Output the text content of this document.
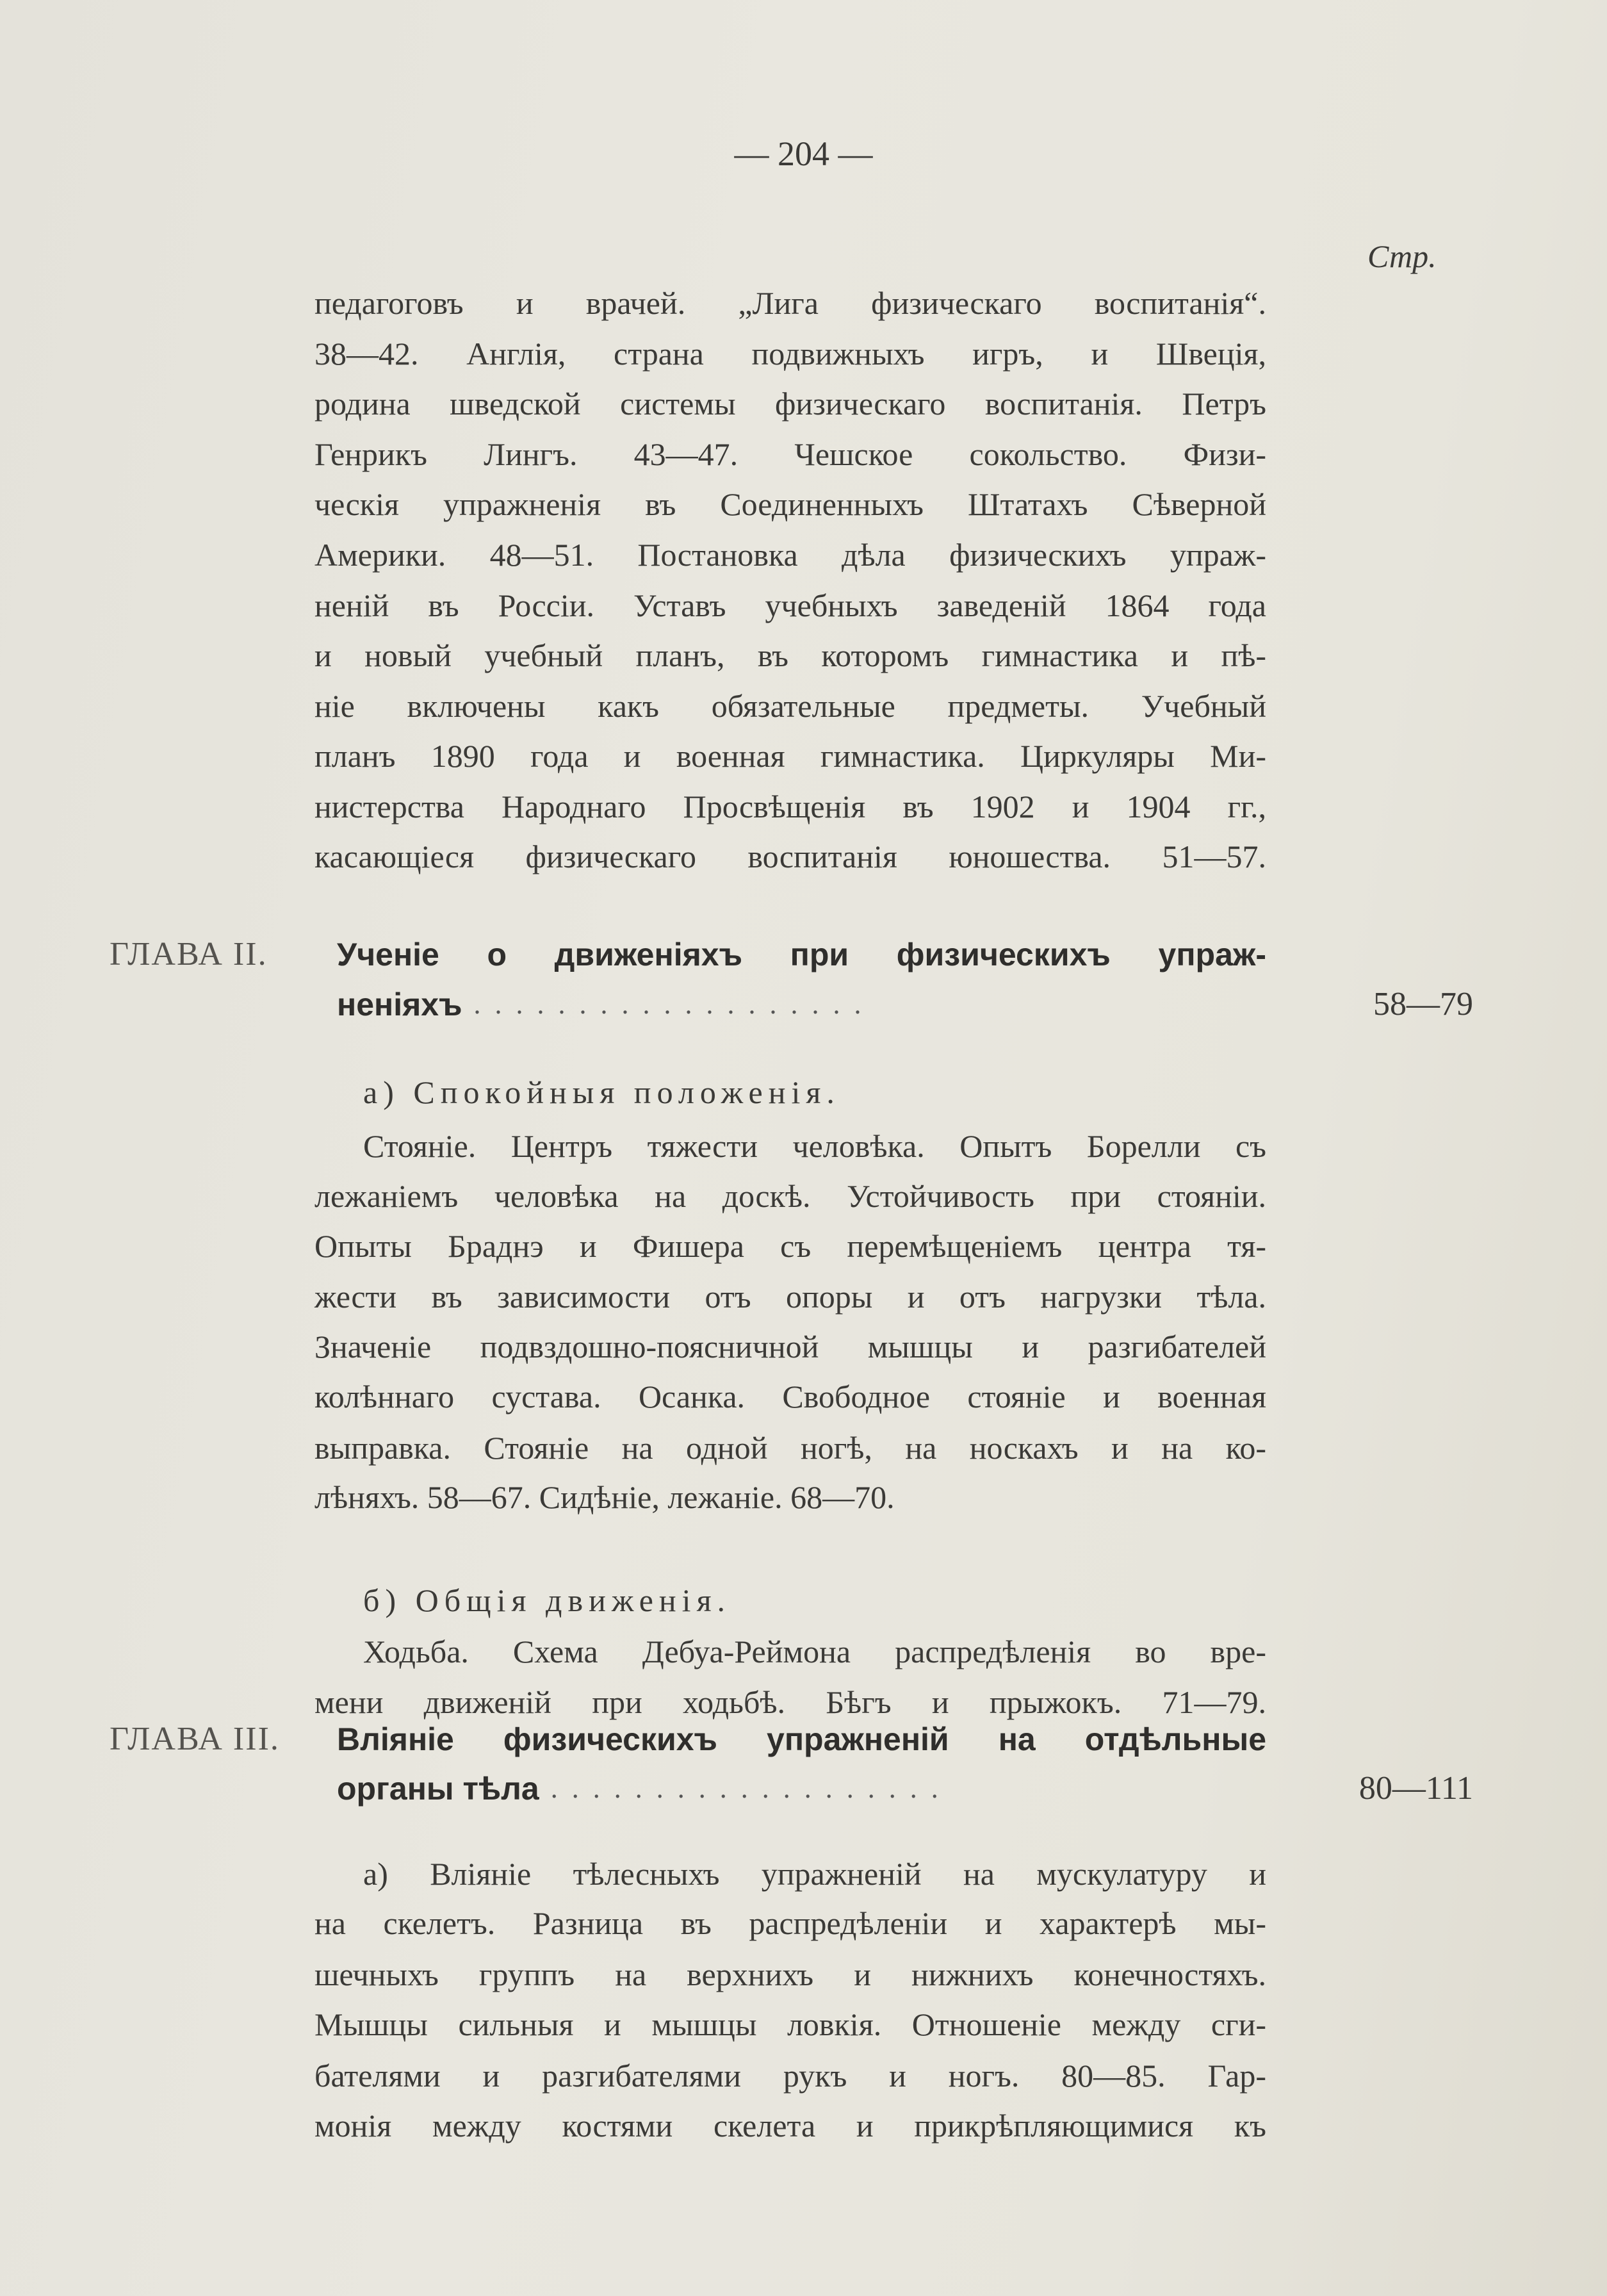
— 204 —
Стр.
педагоговъ и врачей. „Лига физическаго воспитанія“.
38—42. Англія, страна подвижныхъ игръ, и Швеція,
родина шведской системы физическаго воспитанія. Петръ
Генрикъ Лингъ. 43—47. Чешское сокольство. Физи-
ческія упражненія въ Соединенныхъ Штатахъ Сѣверной
Америки. 48—51. Постановка дѣла физическихъ упраж-
неній въ Россіи. Уставъ учебныхъ заведеній 1864 года
и новый учебный планъ, въ которомъ гимнастика и пѣ-
ніе включены какъ обязательные предметы. Учебный
планъ 1890 года и военная гимнастика. Циркуляры Ми-
нистерства Народнаго Просвѣщенія въ 1902 и 1904 гг.,
касающіеся физическаго воспитанія юношества. 51—57.
ГЛАВА II. Ученіе о движеніяхъ при физическихъ упраж-
неніяхъ ...................	58—79
а) Спокойныя положенія.
Стояніе. Центръ тяжести человѣка. Опытъ Борелли съ
лежаніемъ человѣка на доскѣ. Устойчивость при стояніи.
Опыты Браднэ и Фишера съ перемѣщеніемъ центра тя-
жести въ зависимости отъ опоры и отъ нагрузки тѣла.
Значеніе подвздошно-поясничной мышцы и разгибателей
колѣннаго сустава. Осанка. Свободное стояніе и военная
выправка. Стояніе на одной ногѣ, на носкахъ и на ко-
лѣняхъ. 58—67. Сидѣніе, лежаніе. 68—70.
б) Общія движенія.
Ходьба. Схема Дебуа-Реймона распредѣленія во вре-
мени движеній при ходьбѣ. Бѣгъ и прыжокъ. 71—79.
ГЛАВА III. Вліяніе физическихъ упражненій на отдѣльные
органы тѣла ...................	80—111
а) Вліяніе тѣлесныхъ упражненій на мускулатуру и
на скелетъ. Разница въ распредѣленіи и характерѣ мы-
шечныхъ группъ на верхнихъ и нижнихъ конечностяхъ.
Мышцы сильныя и мышцы ловкія. Отношеніе между сги-
бателями и разгибателями рукъ и ногъ. 80—85. Гар-
монія между костями скелета и прикрѣпляющимися къ
